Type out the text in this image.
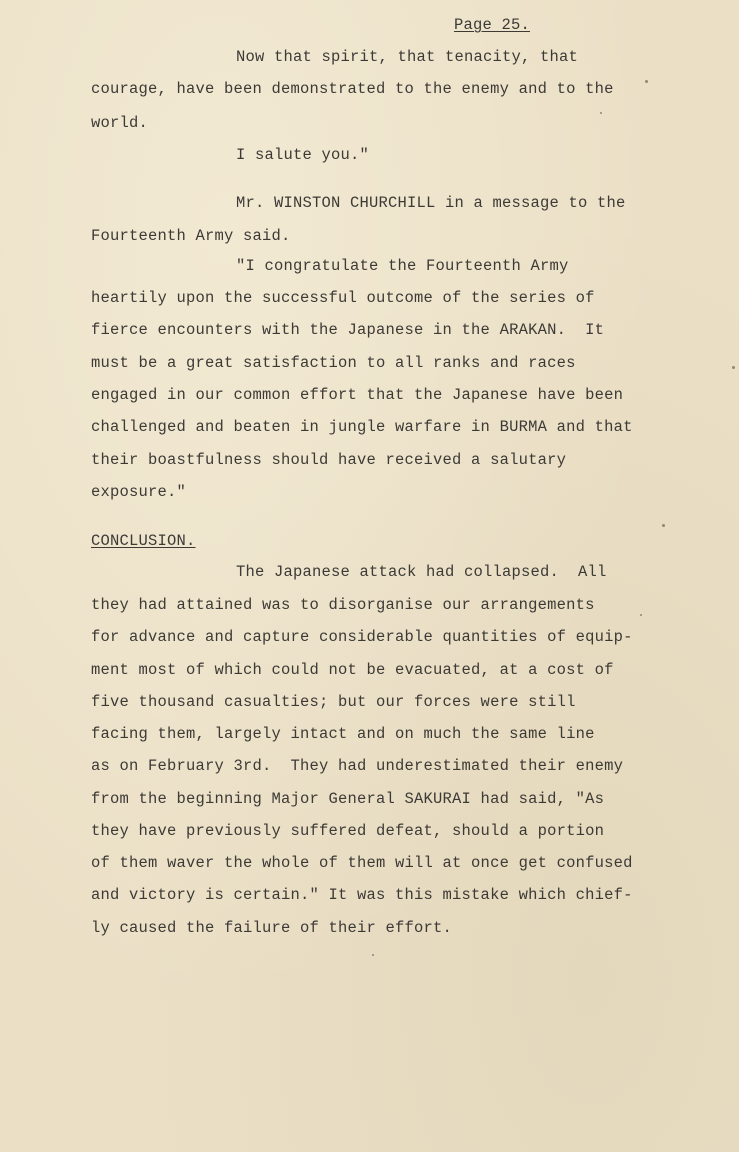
Page 25.
Now that spirit, that tenacity, that
courage, have been demonstrated to the enemy and to the
world.
I salute you."
Mr. WINSTON CHURCHILL in a message to the
Fourteenth Army said.
"I congratulate the Fourteenth Army
heartily upon the successful outcome of the series of
fierce encounters with the Japanese in the ARAKAN.  It
must be a great satisfaction to all ranks and races
engaged in our common effort that the Japanese have been
challenged and beaten in jungle warfare in BURMA and that
their boastfulness should have received a salutary
exposure."
CONCLUSION.
The Japanese attack had collapsed.  All
they had attained was to disorganise our arrangements
for advance and capture considerable quantities of equip-
ment most of which could not be evacuated, at a cost of
five thousand casualties; but our forces were still
facing them, largely intact and on much the same line
as on February 3rd.  They had underestimated their enemy
from the beginning Major General SAKURAI had said, "As
they have previously suffered defeat, should a portion
of them waver the whole of them will at once get confused
and victory is certain." It was this mistake which chief-
ly caused the failure of their effort.
